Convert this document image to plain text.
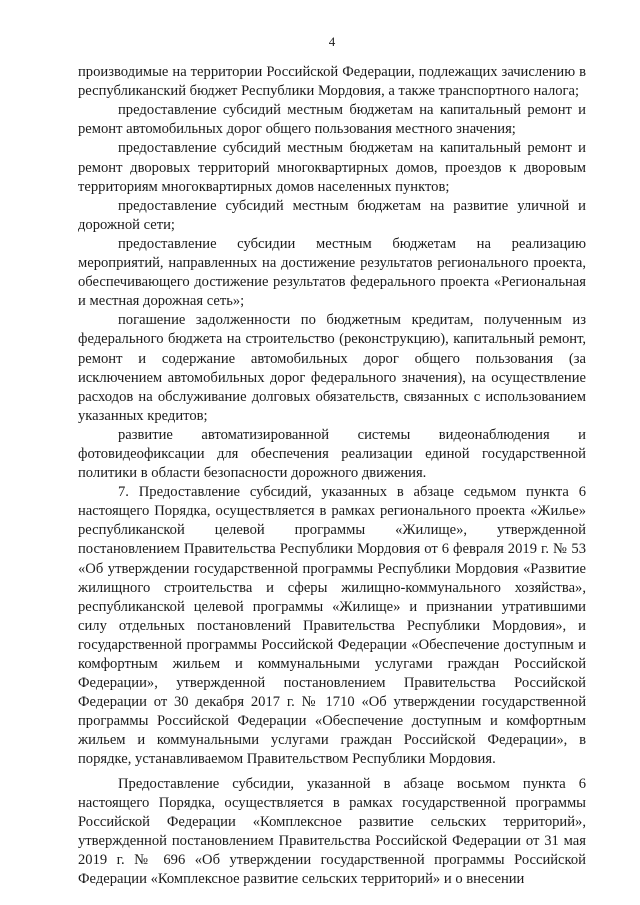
4

производимые на территории Российской Федерации, подлежащих зачислению в республиканский бюджет Республики Мордовия, а также транспортного налога;

предоставление субсидий местным бюджетам на капитальный ремонт и ремонт автомобильных дорог общего пользования местного значения;

предоставление субсидий местным бюджетам на капитальный ремонт и ремонт дворовых территорий многоквартирных домов, проездов к дворовым территориям многоквартирных домов населенных пунктов;

предоставление субсидий местным бюджетам на развитие уличной и дорожной сети;

предоставление субсидии местным бюджетам на реализацию мероприятий, направленных на достижение результатов регионального проекта, обеспечивающего достижение результатов федерального проекта «Региональная и местная дорожная сеть»;

погашение задолженности по бюджетным кредитам, полученным из федерального бюджета на строительство (реконструкцию), капитальный ремонт, ремонт и содержание автомобильных дорог общего пользования (за исключением автомобильных дорог федерального значения), на осуществление расходов на обслуживание долговых обязательств, связанных с использованием указанных кредитов;

развитие автоматизированной системы видеонаблюдения и фотовидеофиксации для обеспечения реализации единой государственной политики в области безопасности дорожного движения.

7. Предоставление субсидий, указанных в абзаце седьмом пункта 6 настоящего Порядка, осуществляется в рамках регионального проекта «Жилье» республиканской целевой программы «Жилище», утвержденной постановлением Правительства Республики Мордовия от 6 февраля 2019 г. № 53 «Об утверждении государственной программы Республики Мордовия «Развитие жилищного строительства и сферы жилищно-коммунального хозяйства», республиканской целевой программы «Жилище» и признании утратившими силу отдельных постановлений Правительства Республики Мордовия», и государственной программы Российской Федерации «Обеспечение доступным и комфортным жильем и коммунальными услугами граждан Российской Федерации», утвержденной постановлением Правительства Российской Федерации от 30 декабря 2017 г. № 1710 «Об утверждении государственной программы Российской Федерации «Обеспечение доступным и комфортным жильем и коммунальными услугами граждан Российской Федерации», в порядке, устанавливаемом Правительством Республики Мордовия.

Предоставление субсидии, указанной в абзаце восьмом пункта 6 настоящего Порядка, осуществляется в рамках государственной программы Российской Федерации «Комплексное развитие сельских территорий», утвержденной постановлением Правительства Российской Федерации от 31 мая 2019 г. № 696 «Об утверждении государственной программы Российской Федерации «Комплексное развитие сельских территорий» и о внесении
